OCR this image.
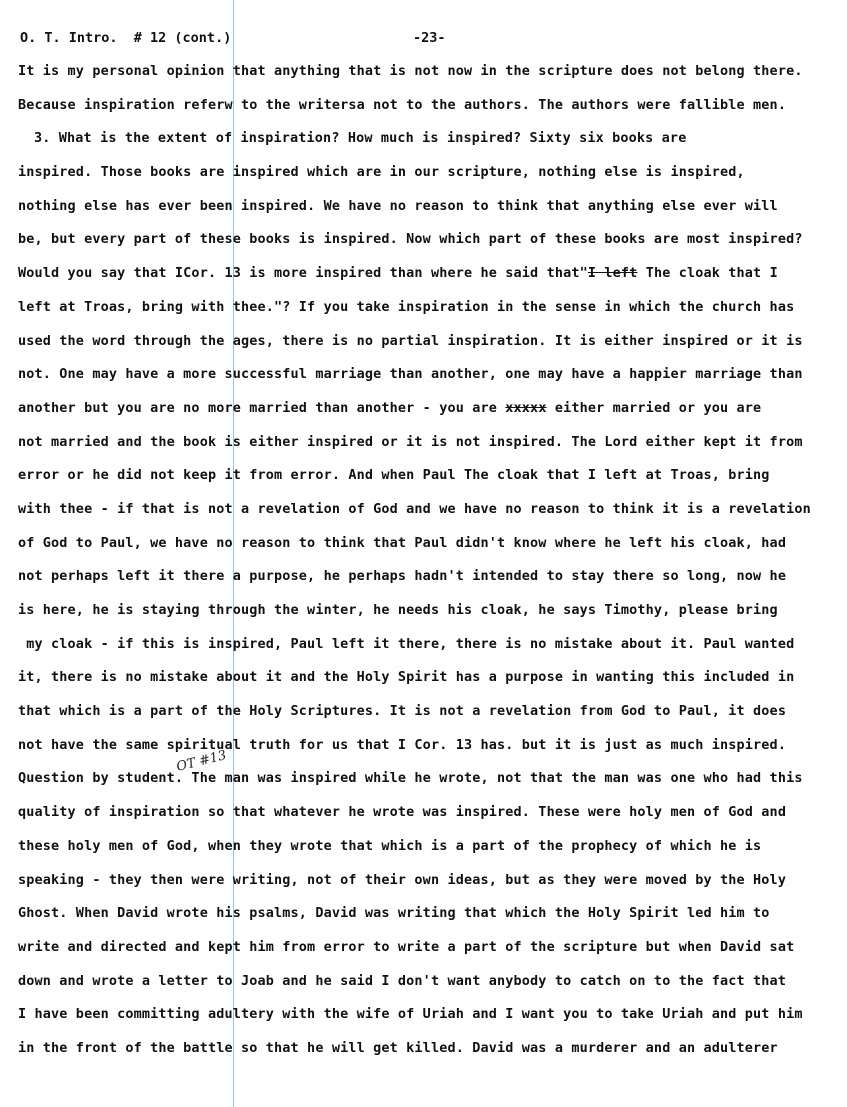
O. T. Intro.  # 12 (cont.)	-23-
OT #13
It is my personal opinion that anything that is not now in the scripture does not belong there.
Because inspiration referw to the writersa not to the authors. The authors were fallible men.
3. What is the extent of inspiration? How much is inspired? Sixty six books are
inspired. Those books are inspired which are in our scripture, nothing else is inspired,
nothing else has ever been inspired. We have no reason to think that anything else ever will
be, but every part of these books is inspired. Now which part of these books are most inspired?
Would you say that ICor. 13 is more inspired than where he said that"I left The cloak that I
left at Troas, bring with thee."? If you take inspiration in the sense in which the church has
used the word through the ages, there is no partial inspiration. It is either inspired or it is
not. One may have a more successful marriage than another, one may have a happier marriage than
another but you are no more married than another - you are xxxxx either married or you are
not married and the book is either inspired or it is not inspired. The Lord either kept it from
error or he did not keep it from error. And when Paul The cloak that I left at Troas, bring
with thee - if that is not a revelation of God and we have no reason to think it is a revelation
of God to Paul, we have no reason to think that Paul didn't know where he left his cloak, had
not perhaps left it there a purpose, he perhaps hadn't intended to stay there so long, now he
is here, he is staying through the winter, he needs his cloak, he says Timothy, please bring
my cloak - if this is inspired, Paul left it there, there is no mistake about it. Paul wanted
it, there is no mistake about it and the Holy Spirit has a purpose in wanting this included in
that which is a part of the Holy Scriptures. It is not a revelation from God to Paul, it does
not have the same spiritual truth for us that I Cor. 13 has. but it is just as much inspired.
Question by student. The man was inspired while he wrote, not that the man was one who had this
quality of inspiration so that whatever he wrote was inspired. These were holy men of God and
these holy men of God, when they wrote that which is a part of the prophecy of which he is
speaking - they then were writing, not of their own ideas, but as they were moved by the Holy
Ghost. When David wrote his psalms, David was writing that which the Holy Spirit led him to
write and directed and kept him from error to write a part of the scripture but when David sat
down and wrote a letter to Joab and he said I don't want anybody to catch on to the fact that
I have been committing adultery with the wife of Uriah and I want you to take Uriah and put him
in the front of the battle so that he will get killed. David was a murderer and an adulterer
